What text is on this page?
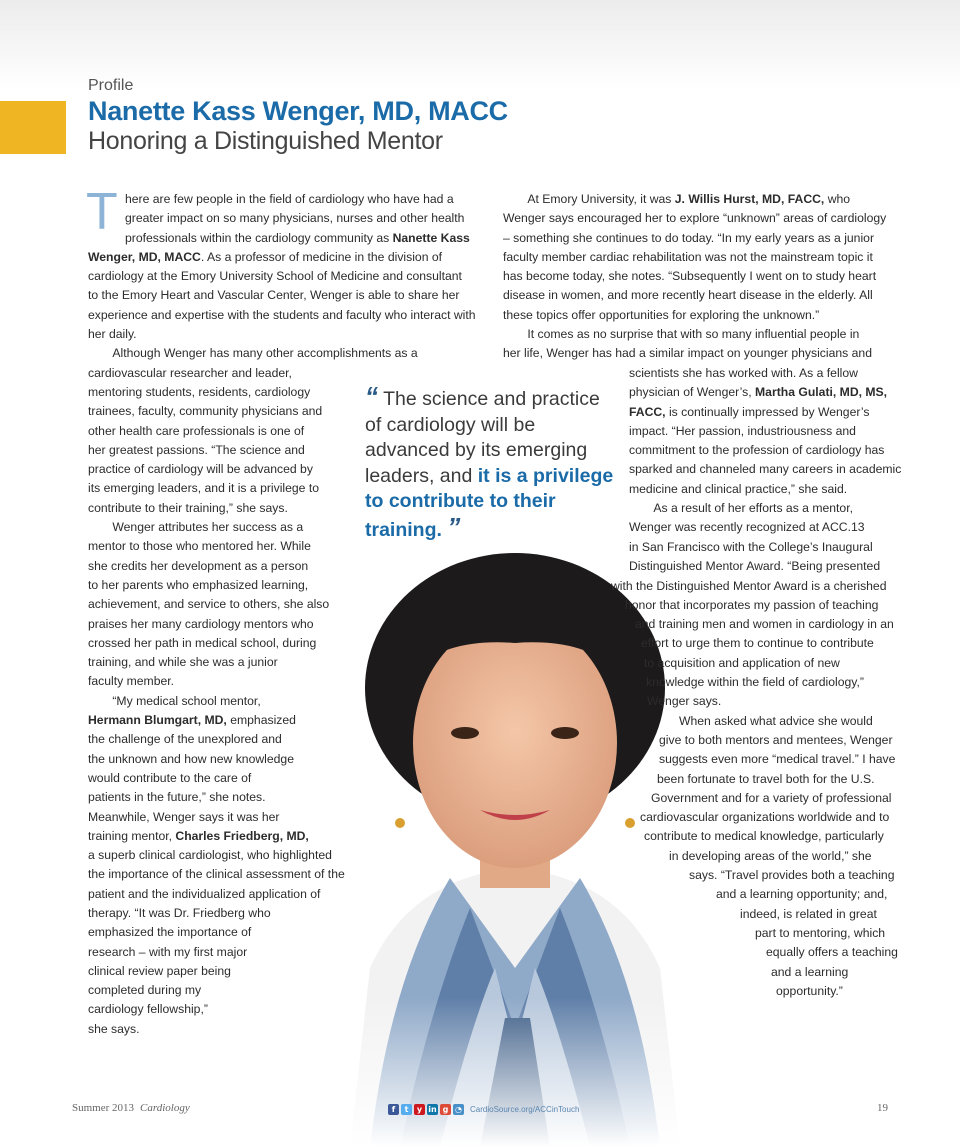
Profile
Nanette Kass Wenger, MD, MACC
Honoring a Distinguished Mentor
T here are few people in the field of cardiology who have had a
greater impact on so many physicians, nurses and other health
professionals within the cardiology community as Nanette Kass
Wenger, MD, MACC. As a professor of medicine in the division of
cardiology at the Emory University School of Medicine and consultant
to the Emory Heart and Vascular Center, Wenger is able to share her
experience and expertise with the students and faculty who interact with
her daily.
  Although Wenger has many other accomplishments as a
cardiovascular researcher and leader,
mentoring students, residents, cardiology
trainees, faculty, community physicians and
other health care professionals is one of
her greatest passions. “The science and
practice of cardiology will be advanced by
its emerging leaders, and it is a privilege to
contribute to their training,” she says.
  Wenger attributes her success as a
mentor to those who mentored her. While
she credits her development as a person
to her parents who emphasized learning,
achievement, and service to others, she also
praises her many cardiology mentors who
crossed her path in medical school, during
training, and while she was a junior
faculty member.
  “My medical school mentor,
Hermann Blumgart, MD, emphasized
the challenge of the unexplored and
the unknown and how new knowledge
would contribute to the care of
patients in the future,” she notes.
Meanwhile, Wenger says it was her
training mentor, Charles Friedberg, MD,
a superb clinical cardiologist, who highlighted
the importance of the clinical assessment of the
patient and the individualized application of
therapy. “It was Dr. Friedberg who
emphasized the importance of
research – with my first major
clinical review paper being
completed during my
cardiology fellowship,”
she says.
  At Emory University, it was J. Willis Hurst, MD, FACC, who
Wenger says encouraged her to explore “unknown” areas of cardiology
– something she continues to do today. “In my early years as a junior
faculty member cardiac rehabilitation was not the mainstream topic it
has become today, she notes. “Subsequently I went on to study heart
disease in women, and more recently heart disease in the elderly. All
these topics offer opportunities for exploring the unknown.”
  It comes as no surprise that with so many influential people in
her life, Wenger has had a similar impact on younger physicians and
scientists she has worked with. As a fellow
physician of Wenger’s, Martha Gulati, MD, MS,
FACC, is continually impressed by Wenger’s
impact. “Her passion, industriousness and
commitment to the profession of cardiology has
sparked and channeled many careers in academic
medicine and clinical practice,” she said.
  As a result of her efforts as a mentor,
Wenger was recently recognized at ACC.13
in San Francisco with the College’s Inaugural
Distinguished Mentor Award. “Being presented
with the Distinguished Mentor Award is a cherished
honor that incorporates my passion of teaching
and training men and women in cardiology in an
effort to urge them to continue to contribute
to acquisition and application of new
knowledge within the field of cardiology,”
Wenger says.
When asked what advice she would
give to both mentors and mentees, Wenger
suggests even more “medical travel.” I have
been fortunate to travel both for the U.S.
Government and for a variety of professional
cardiovascular organizations worldwide and to
contribute to medical knowledge, particularly
in developing areas of the world,” she
says. “Travel provides both a teaching
and a learning opportunity; and,
indeed, is related in great
part to mentoring, which
equally offers a teaching
and a learning
opportunity.”
“ The science and practice of cardiology will be advanced by its emerging leaders, and it is a privilege to contribute to their training. ”
Summer 2013 Cardiology	f	t	y in g ◔ CardioSource.org/ACCinTouch	19
